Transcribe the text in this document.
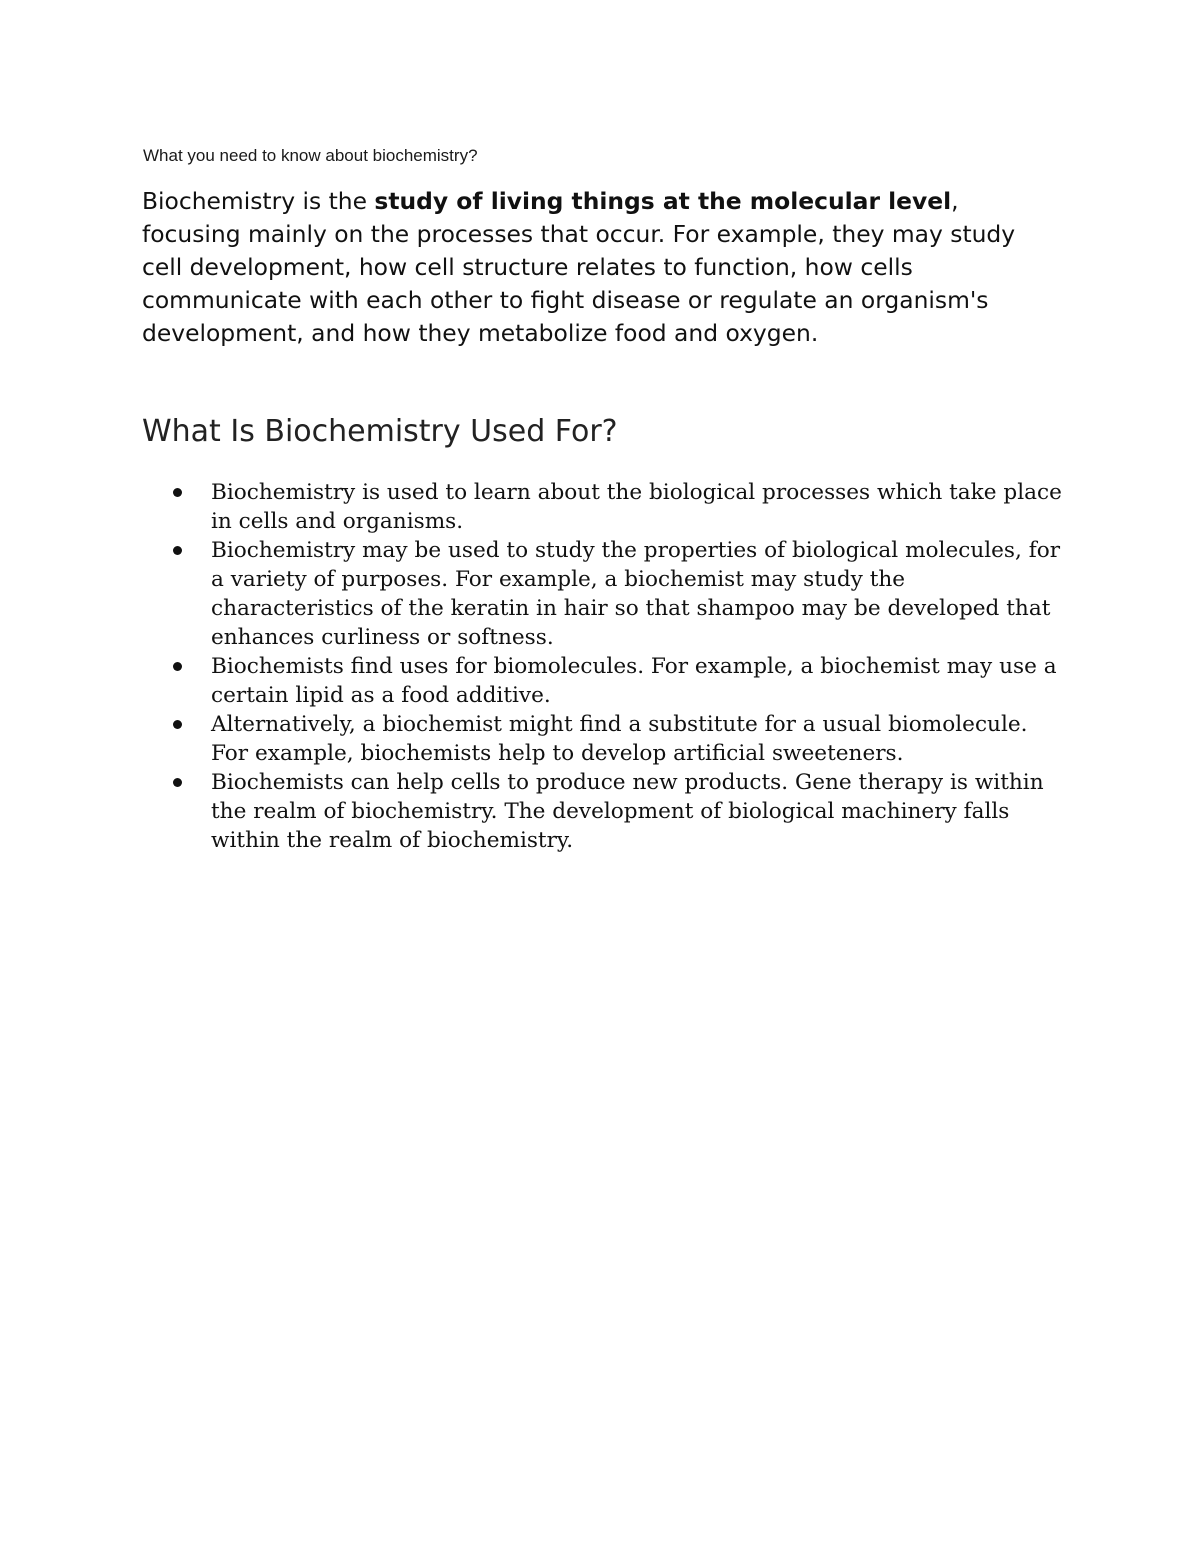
What you need to know about biochemistry?

Biochemistry is the study of living things at the molecular level, focusing mainly on the processes that occur. For example, they may study cell development, how cell structure relates to function, how cells communicate with each other to fight disease or regulate an organism's development, and how they metabolize food and oxygen.

What Is Biochemistry Used For?
Biochemistry is used to learn about the biological processes which take place in cells and organisms.
Biochemistry may be used to study the properties of biological molecules, for a variety of purposes. For example, a biochemist may study the characteristics of the keratin in hair so that shampoo may be developed that enhances curliness or softness.
Biochemists find uses for biomolecules. For example, a biochemist may use a certain lipid as a food additive.
Alternatively, a biochemist might find a substitute for a usual biomolecule. For example, biochemists help to develop artificial sweeteners.
Biochemists can help cells to produce new products. Gene therapy is within the realm of biochemistry. The development of biological machinery falls within the realm of biochemistry.
